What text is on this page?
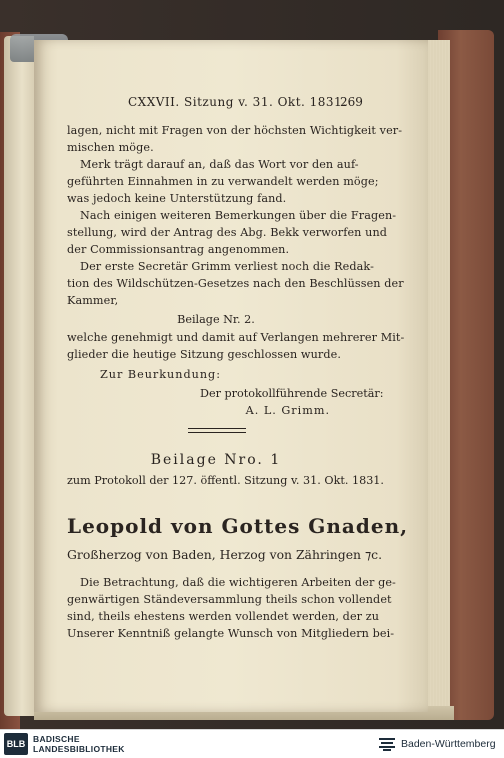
CXXVII. Sitzung v. 31. Okt. 1831.
269
lagen, nicht mit Fragen von der höchsten Wichtigkeit ver-
mischen möge.
Merk trägt darauf an, daß das Wort vor den auf-
geführten Einnahmen in zu verwandelt werden möge;
was jedoch keine Unterstützung fand.
Nach einigen weiteren Bemerkungen über die Fragen-
stellung, wird der Antrag des Abg. Bekk verworfen und
der Commissionsantrag angenommen.
Der erste Secretär Grimm verliest noch die Redak-
tion des Wildschützen-Gesetzes nach den Beschlüssen der
Kammer,
Beilage Nr. 2.
welche genehmigt und damit auf Verlangen mehrerer Mit-
glieder die heutige Sitzung geschlossen wurde.
Zur Beurkundung:
Der protokollführende Secretär:
A. L. Grimm.
Beilage Nro. 1
zum Protokoll der 127. öffentl. Sitzung v. 31. Okt. 1831.
Leopold von Gottes Gnaden,
Großherzog von Baden, Herzog von Zähringen ⁊c.
Die Betrachtung, daß die wichtigeren Arbeiten der ge-
genwärtigen Ständeversammlung theils schon vollendet
sind, theils ehestens werden vollendet werden, der zu
Unserer Kenntniß gelangte Wunsch von Mitgliedern bei-
BLB BADISCHE
LANDESBIBLIOTHEK	Baden-Württemberg
